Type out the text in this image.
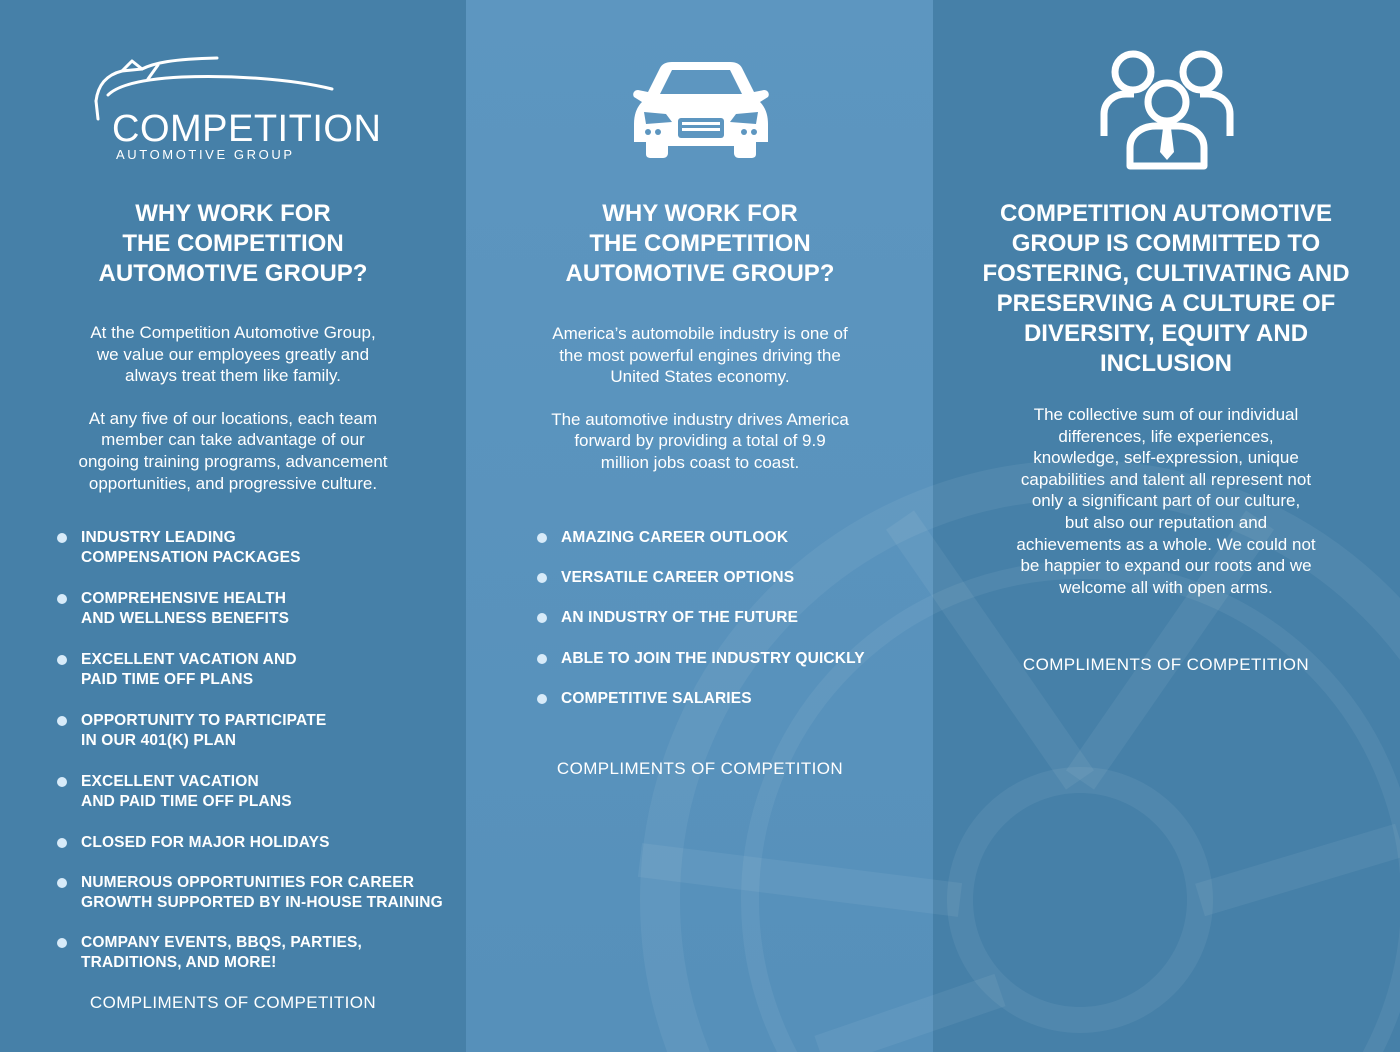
COMPETITION
AUTOMOTIVE GROUP
WHY WORK FOR
THE COMPETITION
AUTOMOTIVE GROUP?

At the Competition Automotive Group,
we value our employees greatly and
always treat them like family.

At any five of our locations, each team
member can take advantage of our
ongoing training programs, advancement
opportunities, and progressive culture.

INDUSTRY LEADING
COMPENSATION PACKAGES
COMPREHENSIVE HEALTH
AND WELLNESS BENEFITS
EXCELLENT VACATION AND
PAID TIME OFF PLANS
OPPORTUNITY TO PARTICIPATE
IN OUR 401(K) PLAN
EXCELLENT VACATION
AND PAID TIME OFF PLANS
CLOSED FOR MAJOR HOLIDAYS
NUMEROUS OPPORTUNITIES FOR CAREER
GROWTH SUPPORTED BY IN-HOUSE TRAINING
COMPANY EVENTS, BBQS, PARTIES,
TRADITIONS, AND MORE!
COMPLIMENTS OF COMPETITION
WHY WORK FOR
THE COMPETITION
AUTOMOTIVE GROUP?

America’s automobile industry is one of
the most powerful engines driving the
United States economy.

The automotive industry drives America
forward by providing a total of 9.9
million jobs coast to coast.

AMAZING CAREER OUTLOOK
VERSATILE CAREER OPTIONS
AN INDUSTRY OF THE FUTURE
ABLE TO JOIN THE INDUSTRY QUICKLY
COMPETITIVE SALARIES
COMPLIMENTS OF COMPETITION
COMPETITION AUTOMOTIVE
GROUP IS COMMITTED TO
FOSTERING, CULTIVATING AND
PRESERVING A CULTURE OF
DIVERSITY, EQUITY AND
INCLUSION

The collective sum of our individual
differences, life experiences,
knowledge, self-expression, unique
capabilities and talent all represent not
only a significant part of our culture,
but also our reputation and
achievements as a whole. We could not
be happier to expand our roots and we
welcome all with open arms.

COMPLIMENTS OF COMPETITION
